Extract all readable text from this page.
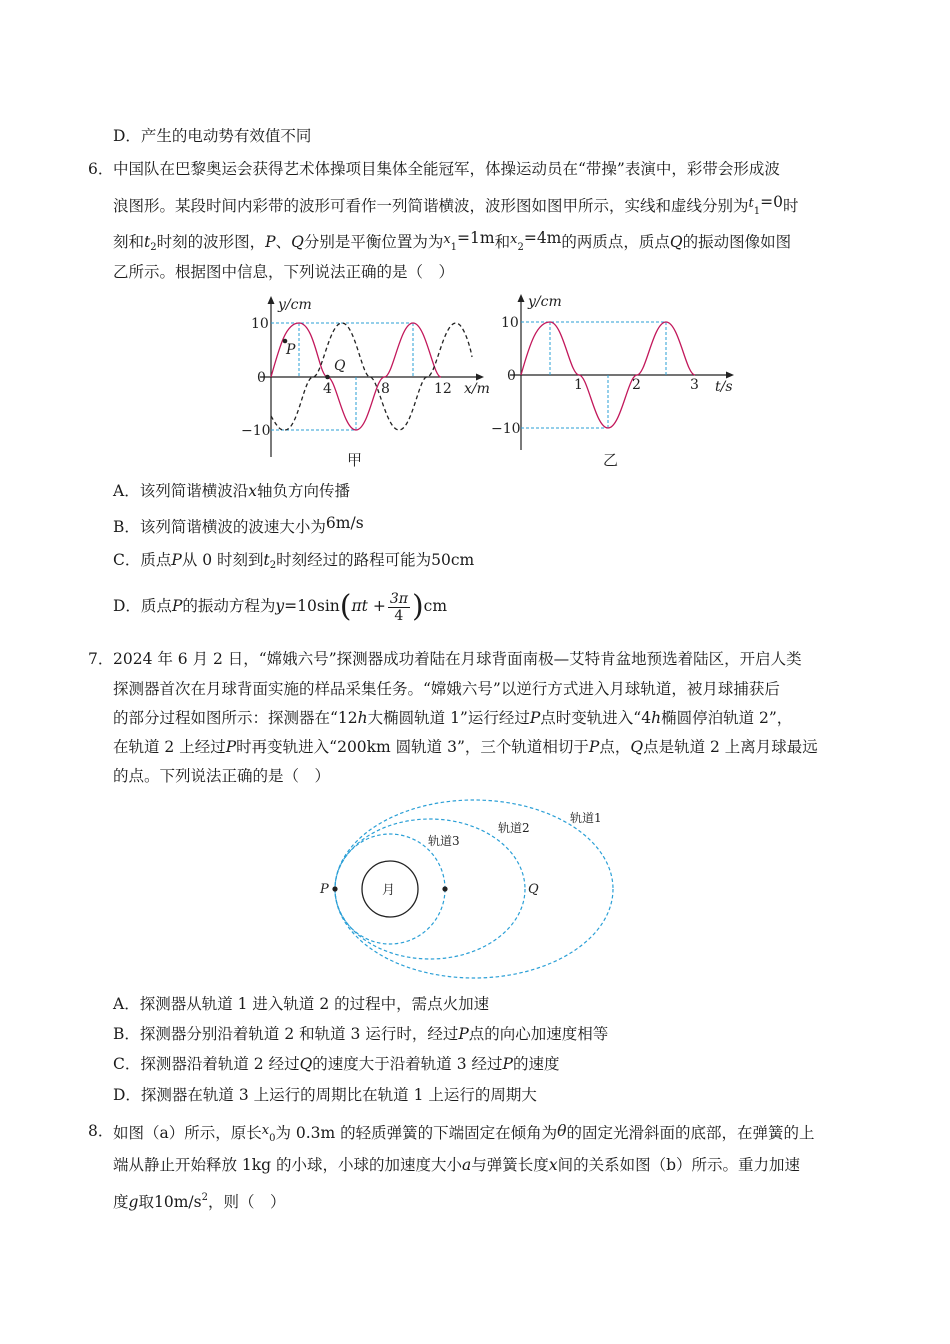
D．产生的电动势有效值不同
6． 中国队在巴黎奥运会获得艺术体操项目集体全能冠军，体操运动员在“带操”表演中，彩带会形成波
浪图形。某段时间内彩带的波形可看作一列简谐横波，波形图如图甲所示，实线和虚线分别为$^t_1$=0时
刻和$t_2$时刻的波形图，P、Q分别是平衡位置为为$^x_1$=1m和$^x_2$=4m的两质点，质点Q的振动图像如图
乙所示。根据图中信息，下列说法正确的是（　）
y/cm
x/m
10
0
−10
4	8	12
P
Q
甲
y/cm
t/s
10
0
−10
1	2	3
乙
A．该列简谐横波沿x轴负方向传播
B．该列简谐横波的波速大小为6m/s
C．质点P从 0 时刻到$t_2$时刻经过的路程可能为50cm
D．质点P的振动方程为$y=10\sin(\pi t + \frac{3\pi}{4} )cm$
7． 2024 年 6 月 2 日，“嫦娥六号”探测器成功着陆在月球背面南极—艾特肯盆地预选着陆区，开启人类
探测器首次在月球背面实施的样品采集任务。“嫦娥六号”以逆行方式进入月球轨道，被月球捕获后
的部分过程如图所示：探测器在“12h大椭圆轨道 1”运行经过P点时变轨进入“4h椭圆停泊轨道 2”，
在轨道 2 上经过P时再变轨进入“200km 圆轨道 3”，三个轨道相切于P点，Q点是轨道 2 上离月球最远
的点。下列说法正确的是（　）
月
P	Q
轨道1
轨道2
轨道3
A．探测器从轨道 1 进入轨道 2 的过程中，需点火加速
B．探测器分别沿着轨道 2 和轨道 3 运行时，经过P点的向心加速度相等
C．探测器沿着轨道 2 经过Q的速度大于沿着轨道 3 经过P的速度
D．探测器在轨道 3 上运行的周期比在轨道 1 上运行的周期大
8． 如图（a）所示，原长$^x_0$为 0.3m 的轻质弹簧的下端固定在倾角为θ的固定光滑斜面的底部，在弹簧的上
端从静止开始释放 1kg 的小球，小球的加速度大小a与弹簧长度x间的关系如图（b）所示。重力加速
度g取$10m/s^2$，则（　）
